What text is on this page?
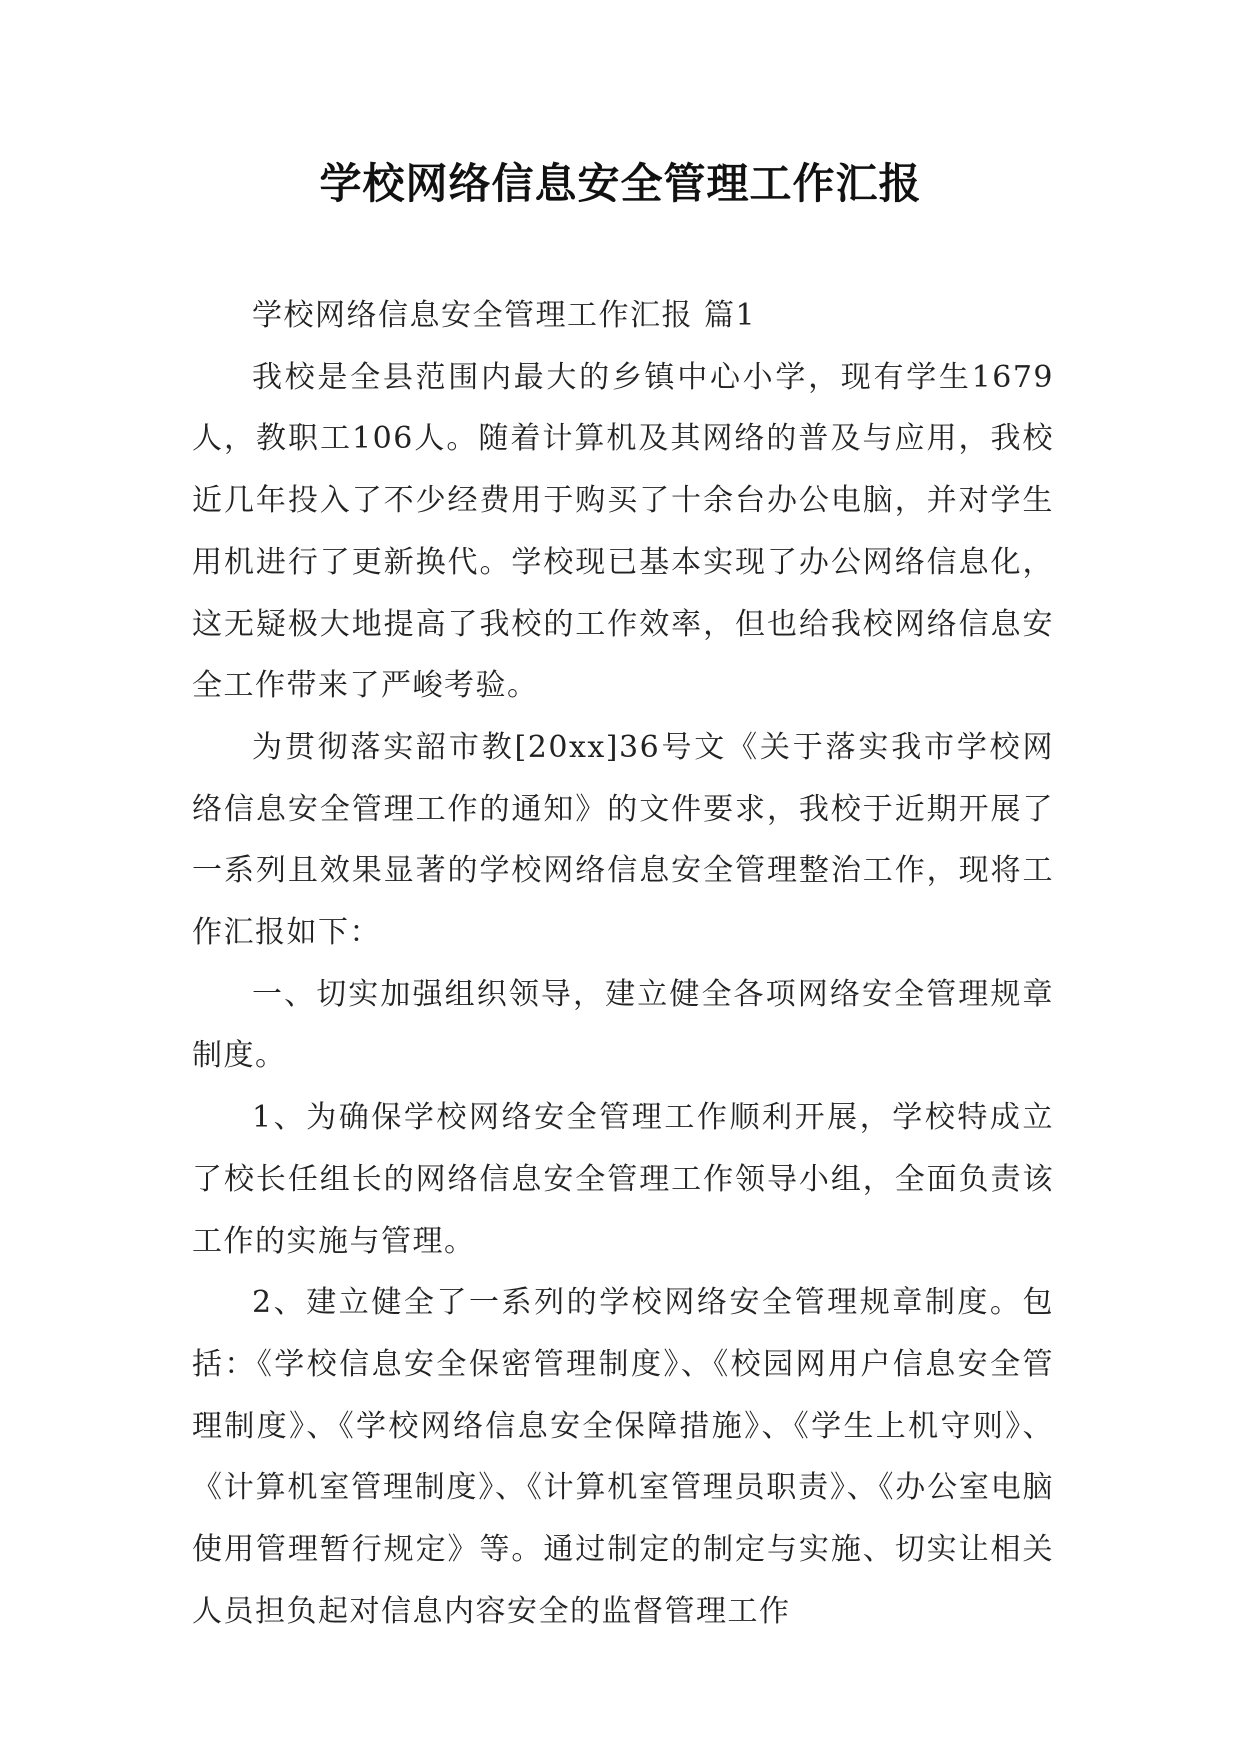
学校网络信息安全管理工作汇报

学校网络信息安全管理工作汇报 篇1

我校是全县范围内最大的乡镇中心小学，现有学生1679人，教职工106人。随着计算机及其网络的普及与应用，我校近几年投入了不少经费用于购买了十余台办公电脑，并对学生用机进行了更新换代。学校现已基本实现了办公网络信息化，这无疑极大地提高了我校的工作效率，但也给我校网络信息安全工作带来了严峻考验。

为贯彻落实韶市教[20xx]36号文《关于落实我市学校网络信息安全管理工作的通知》的文件要求，我校于近期开展了一系列且效果显著的学校网络信息安全管理整治工作，现将工作汇报如下：

一、切实加强组织领导，建立健全各项网络安全管理规章制度。

1、为确保学校网络安全管理工作顺利开展，学校特成立了校长任组长的网络信息安全管理工作领导小组，全面负责该工作的实施与管理。

2、建立健全了一系列的学校网络安全管理规章制度。包括：《学校信息安全保密管理制度》、《校园网用户信息安全管理制度》、《学校网络信息安全保障措施》、《学生上机守则》、《计算机室管理制度》、《计算机室管理员职责》、《办公室电脑使用管理暂行规定》等。通过制定的制定与实施、切实让相关人员担负起对信息内容安全的监督管理工作
